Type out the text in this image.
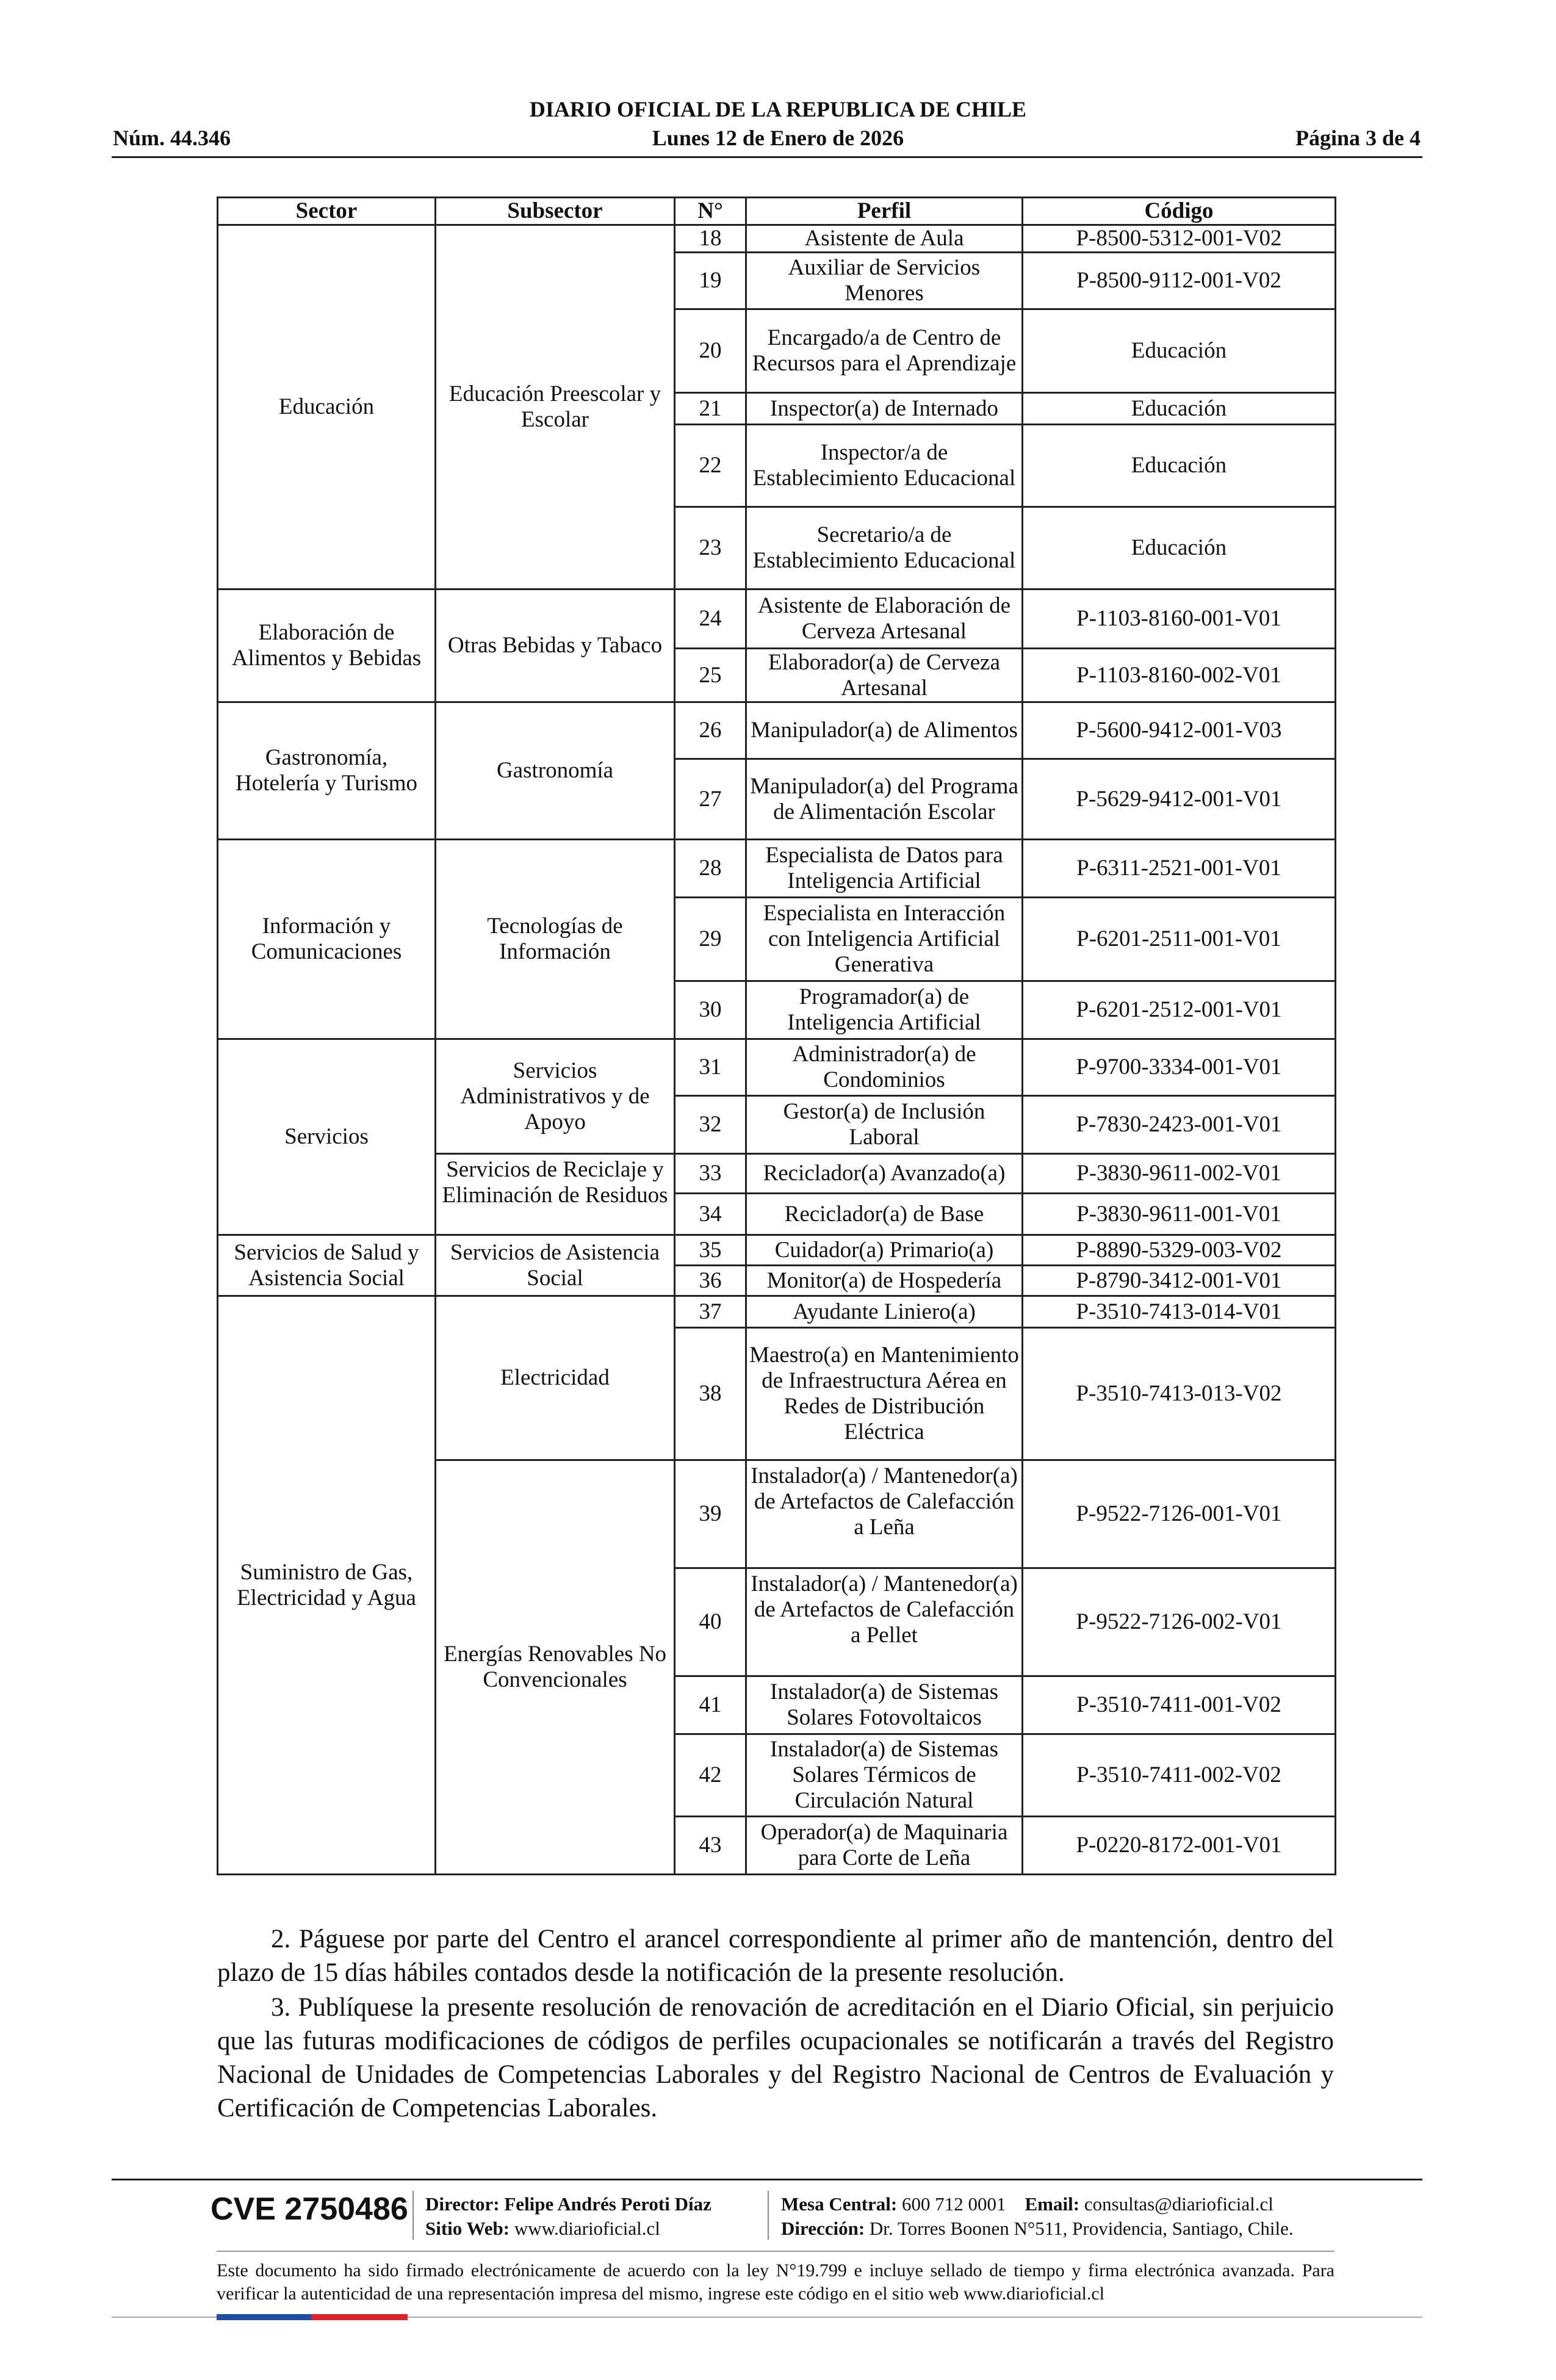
DIARIO OFICIAL DE LA REPUBLICA DE CHILE
Núm. 44.346	Lunes 12 de Enero de 2026	Página 3 de 4
Sector	Subsector	N°	Perfil	Código
Educación	Educación Preescolar y Escolar	18	Asistente de Aula	P-8500-5312-001-V02
		19	Auxiliar de Servicios Menores	P-8500-9112-001-V02
		20	Encargado/a de Centro de Recursos para el Aprendizaje	Educación
		21	Inspector(a) de Internado	Educación
		22	Inspector/a de Establecimiento Educacional	Educación
		23	Secretario/a de Establecimiento Educacional	Educación
Elaboración de Alimentos y Bebidas	Otras Bebidas y Tabaco	24	Asistente de Elaboración de Cerveza Artesanal	P-1103-8160-001-V01
		25	Elaborador(a) de Cerveza Artesanal	P-1103-8160-002-V01
Gastronomía, Hotelería y Turismo	Gastronomía	26	Manipulador(a) de Alimentos	P-5600-9412-001-V03
		27	Manipulador(a) del Programa de Alimentación Escolar	P-5629-9412-001-V01
Información y Comunicaciones	Tecnologías de Información	28	Especialista de Datos para Inteligencia Artificial	P-6311-2521-001-V01
		29	Especialista en Interacción con Inteligencia Artificial Generativa	P-6201-2511-001-V01
		30	Programador(a) de Inteligencia Artificial	P-6201-2512-001-V01
Servicios	Servicios Administrativos y de Apoyo	31	Administrador(a) de Condominios	P-9700-3334-001-V01
		32	Gestor(a) de Inclusión Laboral	P-7830-2423-001-V01
	Servicios de Reciclaje y Eliminación de Residuos	33	Reciclador(a) Avanzado(a)	P-3830-9611-002-V01
		34	Reciclador(a) de Base	P-3830-9611-001-V01
Servicios de Salud y Asistencia Social	Servicios de Asistencia Social	35	Cuidador(a) Primario(a)	P-8890-5329-003-V02
		36	Monitor(a) de Hospedería	P-8790-3412-001-V01
Suministro de Gas, Electricidad y Agua	Electricidad	37	Ayudante Liniero(a)	P-3510-7413-014-V01
		38	Maestro(a) en Mantenimiento de Infraestructura Aérea en Redes de Distribución Eléctrica	P-3510-7413-013-V02
	Energías Renovables No Convencionales	39	Instalador(a) / Mantenedor(a) de Artefactos de Calefacción a Leña	P-9522-7126-001-V01
		40	Instalador(a) / Mantenedor(a) de Artefactos de Calefacción a Pellet	P-9522-7126-002-V01
		41	Instalador(a) de Sistemas Solares Fotovoltaicos	P-3510-7411-001-V02
		42	Instalador(a) de Sistemas Solares Térmicos de Circulación Natural	P-3510-7411-002-V02
		43	Operador(a) de Maquinaria para Corte de Leña	P-0220-8172-001-V01
2. Páguese por parte del Centro el arancel correspondiente al primer año de mantención, dentro del plazo de 15 días hábiles contados desde la notificación de la presente resolución.
3. Publíquese la presente resolución de renovación de acreditación en el Diario Oficial, sin perjuicio que las futuras modificaciones de códigos de perfiles ocupacionales se notificarán a través del Registro Nacional de Unidades de Competencias Laborales y del Registro Nacional de Centros de Evaluación y Certificación de Competencias Laborales.
CVE 2750486 Director: Felipe Andrés Peroti Díaz
Sitio Web: www.diarioficial.cl
Mesa Central: 600 712 0001 Email: consultas@diarioficial.cl
Dirección: Dr. Torres Boonen N°511, Providencia, Santiago, Chile.
Este documento ha sido firmado electrónicamente de acuerdo con la ley N°19.799 e incluye sellado de tiempo y firma electrónica avanzada. Para verificar la autenticidad de una representación impresa del mismo, ingrese este código en el sitio web www.diarioficial.cl
